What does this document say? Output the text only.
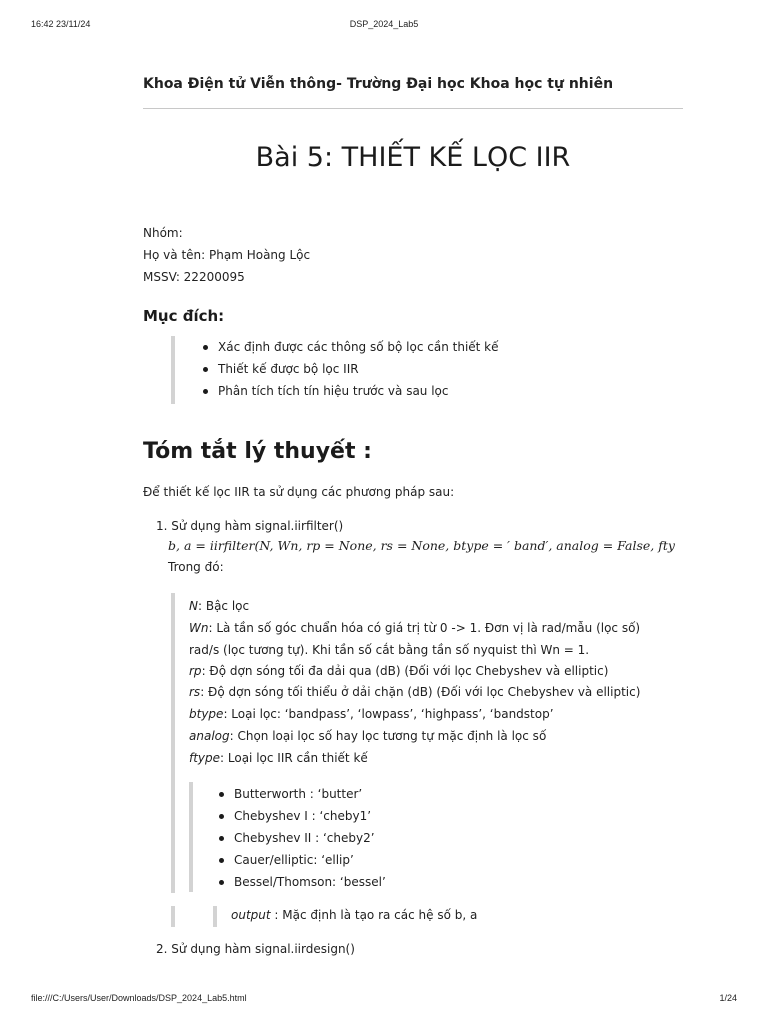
16:42 23/11/24	DSP_2024_Lab5
Khoa Điện tử Viễn thông- Trường Đại học Khoa học tự nhiên
Bài 5: THIẾT KẾ LỌC IIR
Nhóm:
Họ và tên: Phạm Hoàng Lộc
MSSV: 22200095
Mục đích:
Xác định được các thông số bộ lọc cần thiết kế
Thiết kế được bộ lọc IIR
Phân tích tích tín hiệu trước và sau lọc
Tóm tắt lý thuyết :
Để thiết kế lọc IIR ta sử dụng các phương pháp sau:
1. Sử dụng hàm signal.iirfilter()
b, a = iirfilter(N, Wn, rp = None, rs = None, btype = ′ band′, analog = False, fty
Trong đó:
N: Bậc lọc
Wn: Là tần số góc chuẩn hóa có giá trị từ 0 -> 1. Đơn vị là rad/mẫu (lọc số)
rad/s (lọc tương tự). Khi tần số cắt bằng tần số nyquist thì Wn = 1.
rp: Độ dợn sóng tối đa dải qua (dB) (Đối với lọc Chebyshev và elliptic)
rs: Độ dợn sóng tối thiểu ở dải chặn (dB) (Đối với lọc Chebyshev và elliptic)
btype: Loại lọc: ‘bandpass’, ‘lowpass’, ‘highpass’, ‘bandstop’
analog: Chọn loại lọc số hay lọc tương tự mặc định là lọc số
ftype: Loại lọc IIR cần thiết kế
Butterworth : ‘butter’
Chebyshev I : ‘cheby1’
Chebyshev II : ‘cheby2’
Cauer/elliptic: ‘ellip’
Bessel/Thomson: ‘bessel’
output : Mặc định là tạo ra các hệ số b, a
2. Sử dụng hàm signal.iirdesign()
file:///C:/Users/User/Downloads/DSP_2024_Lab5.html	1/24
